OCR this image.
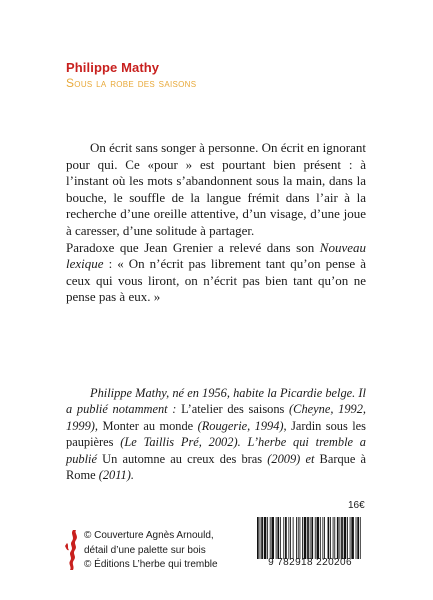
Philippe Mathy
Sous la robe des saisons

On écrit sans songer à personne. On écrit en ignorant pour qui. Ce «pour » est pourtant bien présent : à l’instant où les mots s’abandonnent sous la main, dans la bouche, le souffle de la langue frémit dans l’air à la recherche d’une oreille attentive, d’un visage, d’une joue à caresser, d’une solitude à partager.

Paradoxe que Jean Grenier a relevé dans son Nouveau lexique : « On n’écrit pas librement tant qu’on pense à ceux qui vous liront, on n’écrit pas bien tant qu’on ne pense pas à eux. »

Philippe Mathy, né en 1956, habite la Picardie belge. Il a publié notamment : L’atelier des saisons (Cheyne, 1992, 1999), Monter au monde (Rougerie, 1994), Jardin sous les paupières (Le Taillis Pré, 2002). L’herbe qui tremble a publié Un automne au creux des bras (2009) et Barque à Rome (2011).

16€
© Couverture Agnès Arnould,
détail d’une palette sur bois
© Éditions L’herbe qui tremble	9 782918 220206
